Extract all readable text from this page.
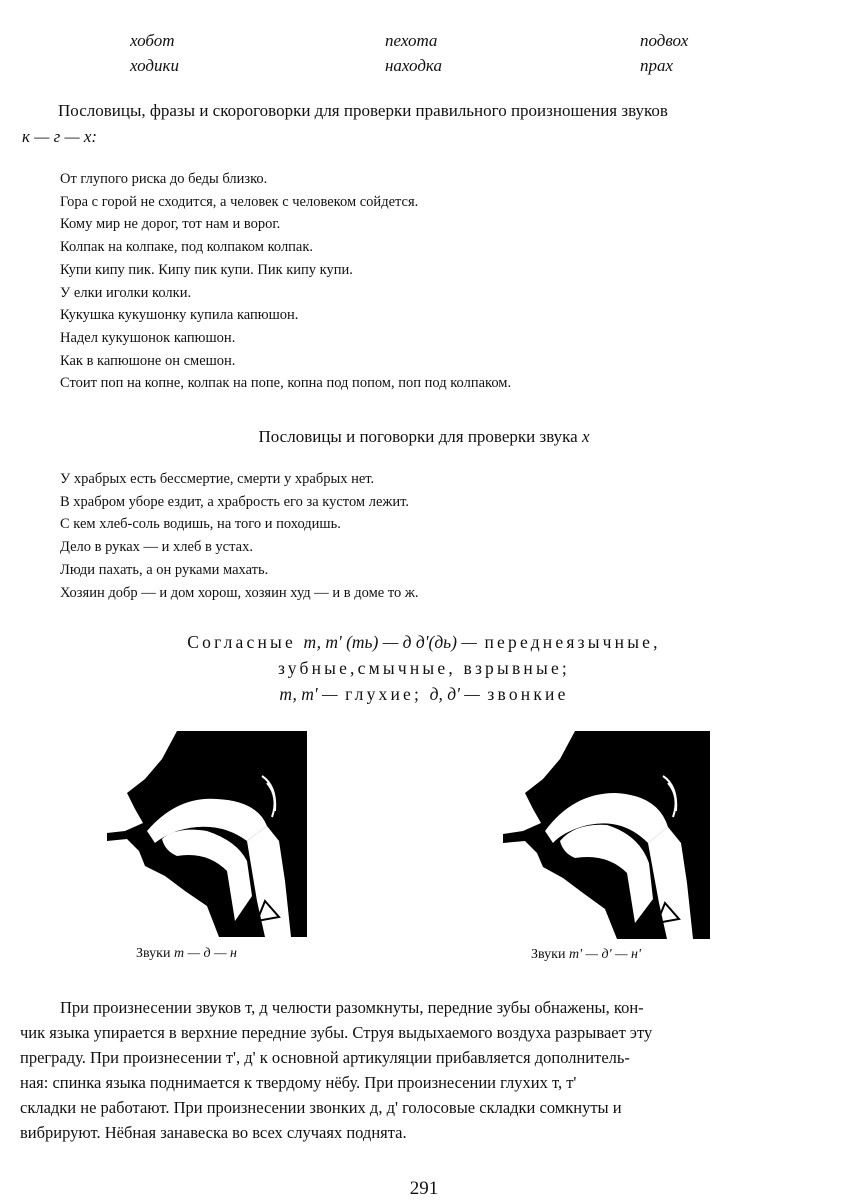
хобот	пехота	подвох
ходики	находка	прах
Пословицы, фразы и скороговорки для проверки правильного произношения звуков
к — г — х:
От глупого риска до беды близко.
Гора с горой не сходится, а человек с человеком сойдется.
Кому мир не дорог, тот нам и ворог.
Колпак на колпаке, под колпаком колпак.
Купи кипу пик. Кипу пик купи. Пик кипу купи.
У елки иголки колки.
Кукушка кукушонку купила капюшон.
Надел кукушонок капюшон.
Как в капюшоне он смешон.
Стоит поп на копне, колпак на попе, копна под попом, поп под колпаком.
Пословицы и поговорки для проверки звука х
У храбрых есть бессмертие, смерти у храбрых нет.
В храбром уборе ездит, а храбрость его за кустом лежит.
С кем хлеб-соль водишь, на того и походишь.
Дело в руках — и хлеб в устах.
Люди пахать, а он руками махать.
Хозяин добр — и дом хорош, хозяин худ — и в доме то ж.
Согласные т, т' (ть) — д д'(дь) — переднеязычные,
зубные,смычные, взрывные;
т, т' — глухие; д, д' — звонкие
Звуки т — д — н	Звуки т' — д' — н'
При произнесении звуков т, д челюсти разомкнуты, передние зубы обнажены, кон-
чик языка упирается в верхние передние зубы. Струя выдыхаемого воздуха разрывает эту
преграду. При произнесении т', д' к основной артикуляции прибавляется дополнитель-
ная: спинка языка поднимается к твердому нёбу. При произнесении глухих т, т'
складки не работают. При произнесении звонких д, д' голосовые складки сомкнуты и
вибрируют. Нёбная занавеска во всех случаях поднята.
291
